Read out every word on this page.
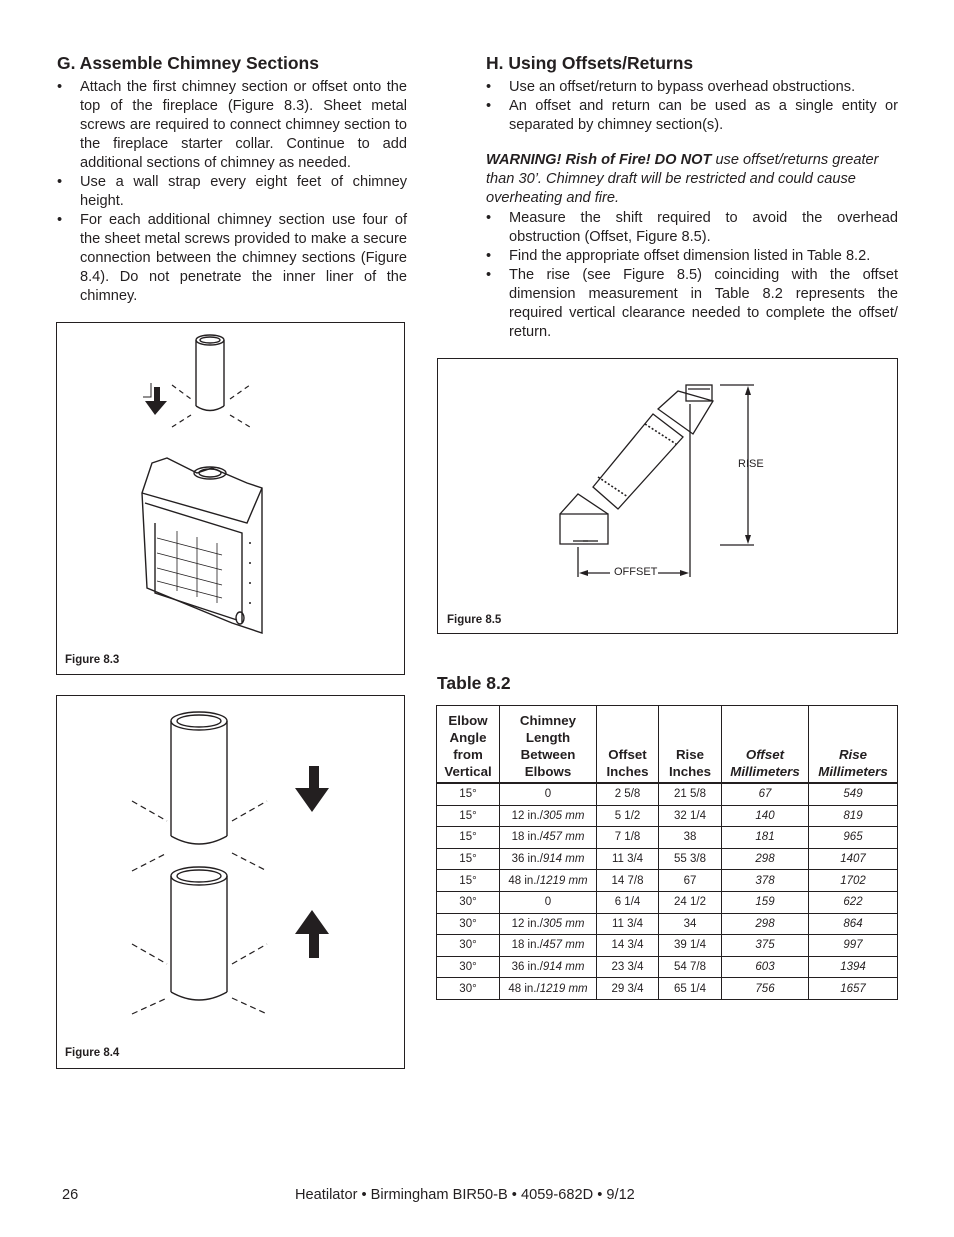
G. Assemble Chimney Sections
• Attach the first chimney section or offset onto the top of the fireplace (Figure 8.3). Sheet metal screws are required to connect chimney section to the fireplace starter collar. Continue to add additional sections of chimney as needed.
• Use a wall strap every eight feet of chimney height.
• For each additional chimney section use four of the sheet metal screws provided to make a secure connection between the chimney sections (Figure 8.4). Do not penetrate the inner liner of the chimney.
H. Using Offsets/Returns
• Use an offset/return to bypass overhead obstructions.
• An offset and return can be used as a single entity or separated by chimney section(s).
WARNING! Rish of Fire! DO NOT use offset/returns greater than 30’. Chimney draft will be restricted and could cause overheating and fire.
• Measure the shift required to avoid the overhead obstruction (Offset, Figure 8.5).
• Find the appropriate offset dimension listed in Table 8.2.
• The rise (see Figure 8.5) coinciding with the offset dimension measurement in Table 8.2 represents the required vertical clearance needed to complete the offset/ return.
Figure 8.3
Figure 8.4
RISE
OFFSET
Figure 8.5
Table 8.2
Elbow Angle from Vertical	Chimney Length Between Elbows	Offset Inches	Rise Inches	Offset Millimeters	Rise Millimeters
15°	0	2 5/8	21 5/8	67	549
15°	12 in./305 mm	5 1/2	32 1/4	140	819
15°	18 in./457 mm	7 1/8	38	181	965
15°	36 in./914 mm	11 3/4	55 3/8	298	1407
15°	48 in./1219 mm	14 7/8	67	378	1702
30°	0	6 1/4	24 1/2	159	622
30°	12 in./305 mm	11 3/4	34	298	864
30°	18 in./457 mm	14 3/4	39 1/4	375	997
30°	36 in./914 mm	23 3/4	54 7/8	603	1394
30°	48 in./1219 mm	29 3/4	65 1/4	756	1657
26	Heatilator • Birmingham BIR50-B • 4059-682D • 9/12
